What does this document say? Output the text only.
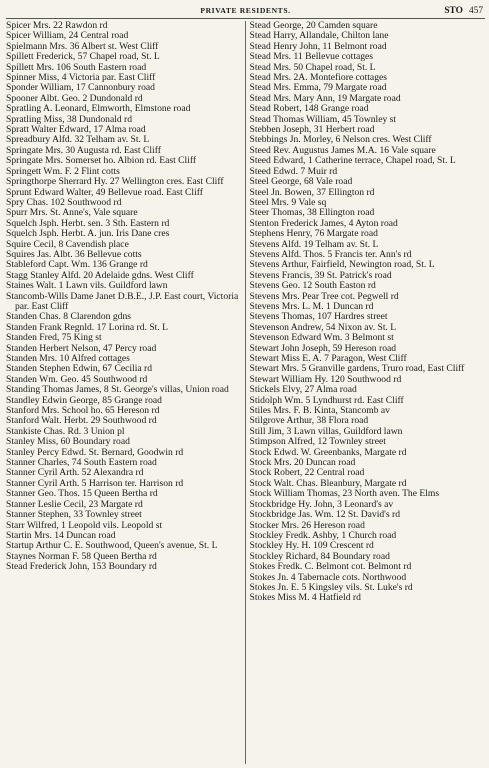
PRIVATE RESIDENTS.	STO 457
Spicer Mrs. 22 Rawdon rd
Spicer William, 24 Central road
Spielmann Mrs. 36 Albert st. West Cliff
Spillett Frederick, 57 Chapel road, St. L
Spillett Mrs. 106 South Eastern road
Spinner Miss, 4 Victoria par. East Cliff
Sponder William, 17 Cannonbury road
Spooner Albt. Geo. 2 Dundonald rd
Spratling A. Leonard, Elmworth, Elmstone road
Spratling Miss, 38 Dundonald rd
Spratt Walter Edward, 17 Alma road
Spreadbury Alfd. 32 Telham av. St. L
Springate Mrs. 30 Augusta rd. East Cliff
Springate Mrs. Somerset ho. Albion rd. East Cliff
Springett Wm. F. 2 Flint cotts
Springthorpe Sherrard Hy. 27 Wellington cres. East Cliff
Sprunt Edward Walter, 49 Bellevue road. East Cliff
Spry Chas. 102 Southwood rd
Spurr Mrs. St. Anne's, Vale square
Squelch Jsph. Herbt. sen. 3 Sth. Eastern rd
Squelch Jsph. Herbt. A. jun. Iris Dane cres
Squire Cecil, 8 Cavendish place
Squires Jas. Albt. 36 Bellevue cotts
Stableford Capt. Wm. 136 Grange rd
Stagg Stanley Alfd. 20 Adelaide gdns. West Cliff
Staines Walt. 1 Lawn vils. Guildford lawn
Stancomb-Wills Dame Janet D.B.E., J.P. East court, Victoria par. East Cliff
Standen Chas. 8 Clarendon gdns
Standen Frank Regnld. 17 Lorina rd. St. L
Standen Fred, 75 King st
Standen Herbert Nelson, 47 Percy road
Standen Mrs. 10 Alfred cottages
Standen Stephen Edwin, 67 Cecilia rd
Standen Wm. Geo. 45 Southwood rd
Standing Thomas James, 8 St. George's villas, Union road
Standley Edwin George, 85 Grange road
Stanford Mrs. School ho. 65 Hereson rd
Stanford Walt. Herbt. 29 Southwood rd
Stankiste Chas. Rd. 3 Union pl
Stanley Miss, 60 Boundary road
Stanley Percy Edwd. St. Bernard, Goodwin rd
Stanner Charles, 74 South Eastern road
Stanner Cyril Arth. 52 Alexandra rd
Stanner Cyril Arth. 5 Harrison ter. Harrison rd
Stanner Geo. Thos. 15 Queen Bertha rd
Stanner Leslie Cecil, 23 Margate rd
Stanner Stephen, 33 Townley street
Starr Wilfred, 1 Leopold vils. Leopold st
Startin Mrs. 14 Duncan road
Startup Arthur C. E. Southwood, Queen's avenue, St. L
Staynes Norman F. 58 Queen Bertha rd
Stead Frederick John, 153 Boundary rd
Stead George, 20 Camden square
Stead Harry, Allandale, Chilton lane
Stead Henry John, 11 Belmont road
Stead Mrs. 11 Bellevue cottages
Stead Mrs. 50 Chapel road, St. L
Stead Mrs. 2A. Montefiore cottages
Stead Mrs. Emma, 79 Margate road
Stead Mrs. Mary Ann, 19 Margate road
Stead Robert, 148 Grange road
Stead Thomas William, 45 Townley st
Stebben Joseph, 31 Herbert road
Stebbings Jn. Morley, 6 Nelson cres. West Cliff
Steed Rev. Augustus James M.A. 16 Vale square
Steed Edward, 1 Catherine terrace, Chapel road, St. L
Steed Edwd. 7 Muir rd
Steel George, 68 Vale road
Steel Jn. Bowen, 37 Ellington rd
Steel Mrs. 9 Vale sq
Steer Thomas, 38 Ellington road
Stenton Frederick James, 4 Ayton road
Stephens Henry, 76 Margate road
Stevens Alfd. 19 Telham av. St. L
Stevens Alfd. Thos. 5 Francis ter. Ann's rd
Stevens Arthur, Fairfield, Newington road, St. L
Stevens Francis, 39 St. Patrick's road
Stevens Geo. 12 South Easton rd
Stevens Mrs. Pear Tree cot. Pegwell rd
Stevens Mrs. L. M. 1 Duncan rd
Stevens Thomas, 107 Hardres street
Stevenson Andrew, 54 Nixon av. St. L
Stevenson Edward Wm. 3 Belmont st
Stewart John Joseph, 59 Hereson road
Stewart Miss E. A. 7 Paragon, West Cliff
Stewart Mrs. 5 Granville gardens, Truro road, East Cliff
Stewart William Hy. 120 Southwood rd
Stickels Elvy, 27 Alma road
Stidolph Wm. 5 Lyndhurst rd. East Cliff
Stiles Mrs. F. B. Kinta, Stancomb av
Stilgrove Arthur, 38 Flora road
Still Jim, 3 Lawn villas, Guildford lawn
Stimpson Alfred, 12 Townley street
Stock Edwd. W. Greenbanks, Margate rd
Stock Mrs. 20 Duncan road
Stock Robert, 22 Central road
Stock Walt. Chas. Bleanbury, Margate rd
Stock William Thomas, 23 North aven. The Elms
Stockbridge Hy. John, 3 Leonard's av
Stockbridge Jas. Wm. 12 St. David's rd
Stocker Mrs. 26 Hereson road
Stockley Fredk. Ashby, 1 Church road
Stockley Hy. H. 109 Crescent rd
Stockley Richard, 84 Boundary road
Stokes Fredk. C. Belmont cot. Belmont rd
Stokes Jn. 4 Tabernacle cots. Northwood
Stokes Jn. E. 5 Kingsley vils. St. Luke's rd
Stokes Miss M. 4 Hatfield rd
